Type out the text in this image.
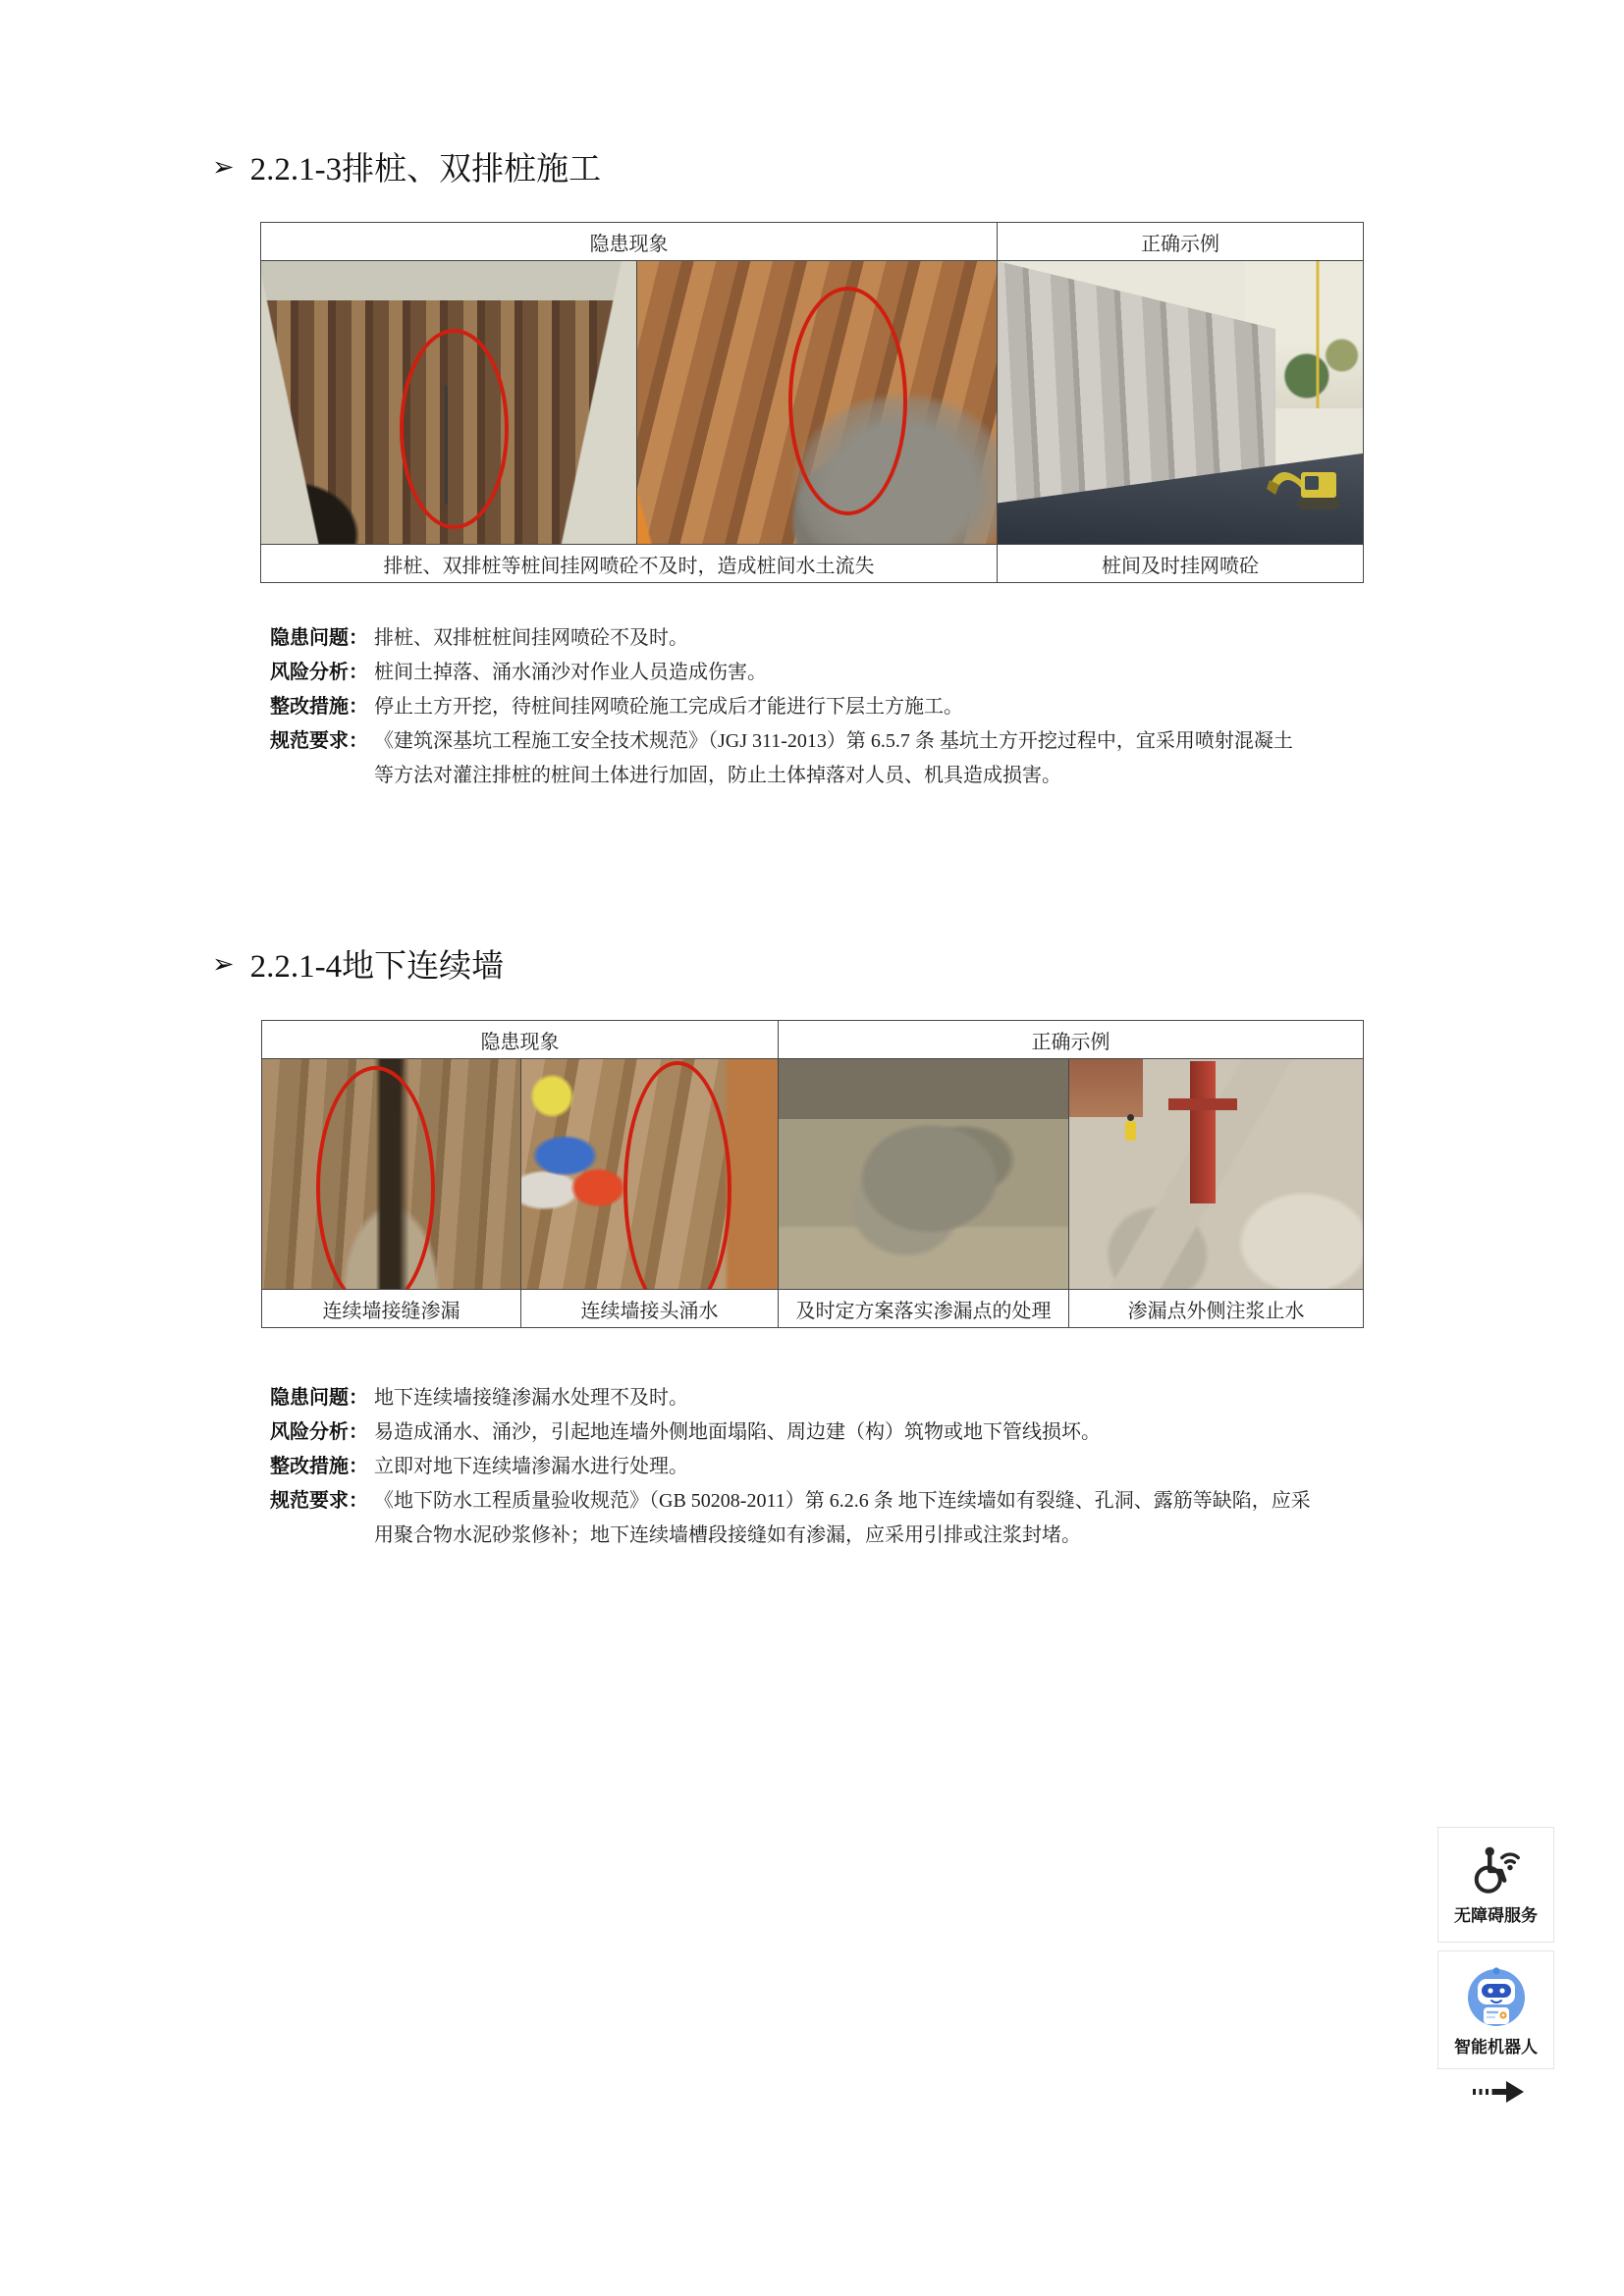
➢ 2.2.1-3排桩、双排桩施工
隐患现象		正确示例

排桩、双排桩等桩间挂网喷砼不及时，造成桩间水土流失		桩间及时挂网喷砼
隐患问题： 排桩、双排桩桩间挂网喷砼不及时。
风险分析： 桩间土掉落、涌水涌沙对作业人员造成伤害。
整改措施： 停止土方开挖，待桩间挂网喷砼施工完成后才能进行下层土方施工。
规范要求： 《建筑深基坑工程施工安全技术规范》（JGJ 311-2013）第 6.5.7 条 基坑土方开挖过程中，宜采用喷射混凝土
等方法对灌注排桩的桩间土体进行加固，防止土体掉落对人员、机具造成损害。
➢ 2.2.1-4地下连续墙
隐患现象		正确示例	

连续墙接缝渗漏	连续墙接头涌水	及时定方案落实渗漏点的处理	渗漏点外侧注浆止水
隐患问题： 地下连续墙接缝渗漏水处理不及时。
风险分析： 易造成涌水、涌沙，引起地连墙外侧地面塌陷、周边建（构）筑物或地下管线损坏。
整改措施： 立即对地下连续墙渗漏水进行处理。
规范要求： 《地下防水工程质量验收规范》（GB 50208-2011）第 6.2.6 条 地下连续墙如有裂缝、孔洞、露筋等缺陷，应采
用聚合物水泥砂浆修补；地下连续墙槽段接缝如有渗漏，应采用引排或注浆封堵。
无障碍服务
智能机器人
